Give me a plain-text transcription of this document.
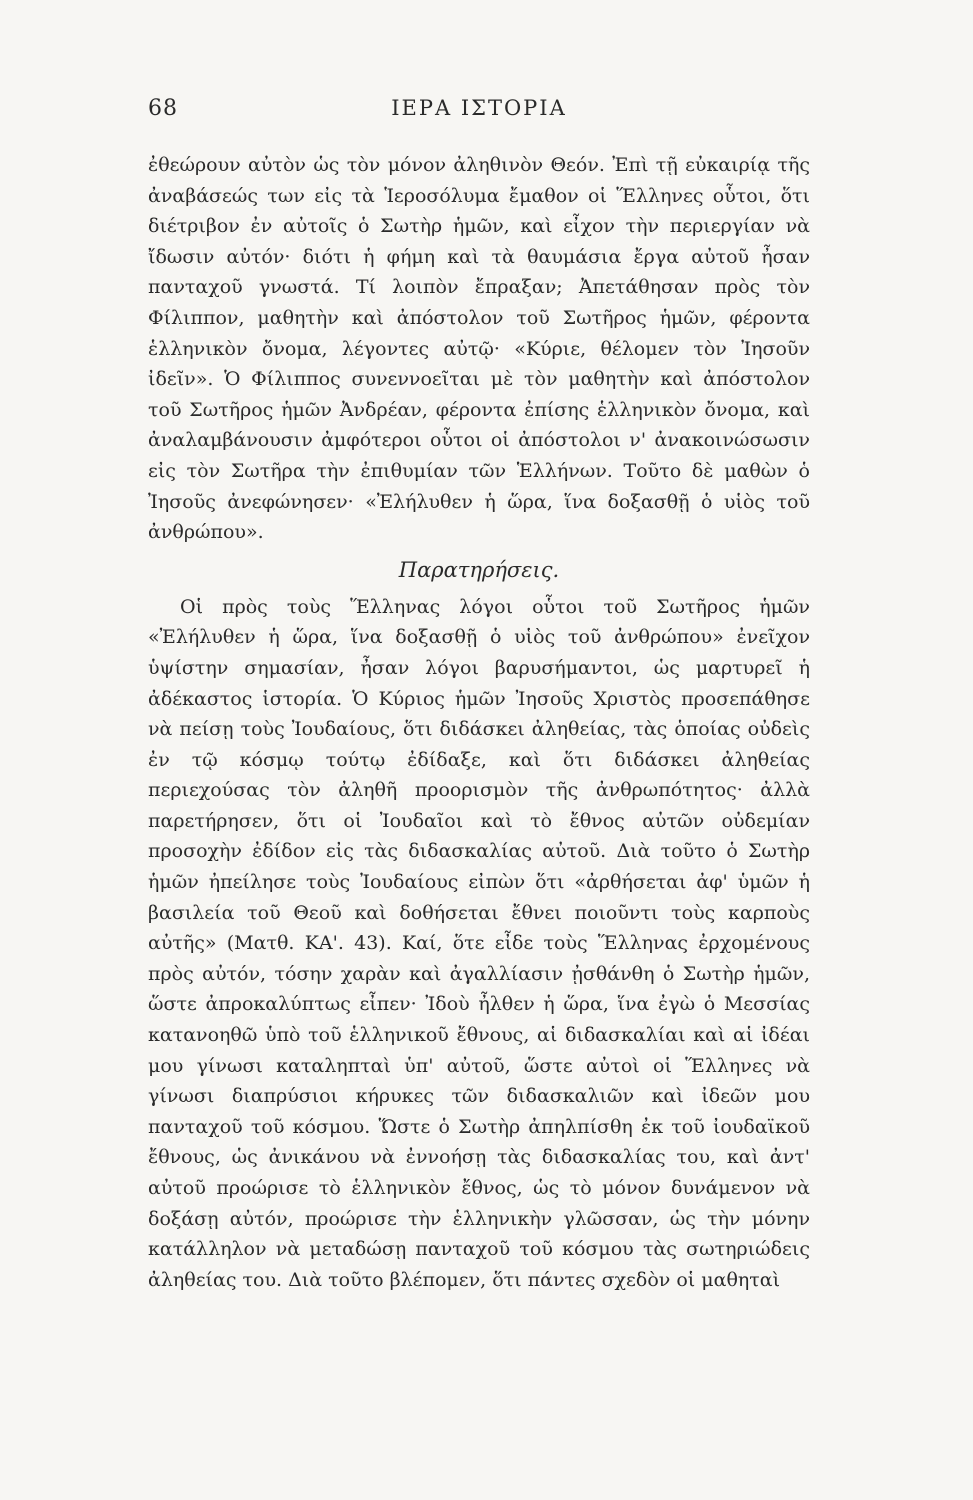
68	ΙΕΡΑ ΙΣΤΟΡΙΑ

ἐθεώρουν αὐτὸν ὡς τὸν μόνον ἀληθινὸν Θεόν. Ἐπὶ τῇ εὐκαιρίᾳ τῆς ἀναβάσεώς των εἰς τὰ Ἱεροσόλυμα ἔμαθον οἱ Ἕλληνες οὗτοι, ὅτι διέτριβον ἐν αὐτοῖς ὁ Σωτὴρ ἡμῶν, καὶ εἶχον τὴν περιεργίαν νὰ ἴδωσιν αὐτόν· διότι ἡ φήμη καὶ τὰ θαυμάσια ἔργα αὐτοῦ ἦσαν πανταχοῦ γνωστά. Τί λοιπὸν ἔπραξαν; Ἀπετάθησαν πρὸς τὸν Φίλιππον, μαθητὴν καὶ ἀπόστολον τοῦ Σωτῆρος ἡμῶν, φέροντα ἑλληνικὸν ὄνομα, λέγοντες αὐτῷ· «Κύριε, θέλομεν τὸν Ἰησοῦν ἰδεῖν». Ὁ Φίλιππος συνεννοεῖται μὲ τὸν μαθητὴν καὶ ἀπόστολον τοῦ Σωτῆρος ἡμῶν Ἀνδρέαν, φέροντα ἐπίσης ἑλληνικὸν ὄνομα, καὶ ἀναλαμβάνουσιν ἀμφότεροι οὗτοι οἱ ἀπόστολοι ν' ἀνακοινώσωσιν εἰς τὸν Σωτῆρα τὴν ἐπιθυμίαν τῶν Ἑλλήνων. Τοῦτο δὲ μαθὼν ὁ Ἰησοῦς ἀνεφώνησεν· «Ἐλήλυθεν ἡ ὥρα, ἵνα δοξασθῇ ὁ υἱὸς τοῦ ἀνθρώπου».

Παρατηρήσεις.

Οἱ πρὸς τοὺς Ἕλληνας λόγοι οὗτοι τοῦ Σωτῆρος ἡμῶν «Ἐλήλυθεν ἡ ὥρα, ἵνα δοξασθῇ ὁ υἱὸς τοῦ ἀνθρώπου» ἐνεῖχον ὑψίστην σημασίαν, ἦσαν λόγοι βαρυσήμαντοι, ὡς μαρτυρεῖ ἡ ἀδέκαστος ἱστορία. Ὁ Κύριος ἡμῶν Ἰησοῦς Χριστὸς προσεπάθησε νὰ πείσῃ τοὺς Ἰουδαίους, ὅτι διδάσκει ἀληθείας, τὰς ὁποίας οὐδεὶς ἐν τῷ κόσμῳ τούτῳ ἐδίδαξε, καὶ ὅτι διδάσκει ἀληθείας περιεχούσας τὸν ἀληθῆ προορισμὸν τῆς ἀνθρωπότητος· ἀλλὰ παρετήρησεν, ὅτι οἱ Ἰουδαῖοι καὶ τὸ ἔθνος αὐτῶν οὐδεμίαν προσοχὴν ἐδίδον εἰς τὰς διδασκαλίας αὐτοῦ. Διὰ τοῦτο ὁ Σωτὴρ ἡμῶν ἠπείλησε τοὺς Ἰουδαίους εἰπὼν ὅτι «ἀρθήσεται ἀφ' ὑμῶν ἡ βασιλεία τοῦ Θεοῦ καὶ δοθήσεται ἔθνει ποιοῦντι τοὺς καρποὺς αὐτῆς» (Ματθ. ΚΑ'. 43). Καί, ὅτε εἶδε τοὺς Ἕλληνας ἐρχομένους πρὸς αὐτόν, τόσην χαρὰν καὶ ἀγαλλίασιν ᾐσθάνθη ὁ Σωτὴρ ἡμῶν, ὥστε ἀπροκαλύπτως εἶπεν· Ἰδοὺ ἦλθεν ἡ ὥρα, ἵνα ἐγὼ ὁ Μεσσίας κατανοηθῶ ὑπὸ τοῦ ἑλληνικοῦ ἔθνους, αἱ διδασκαλίαι καὶ αἱ ἰδέαι μου γίνωσι καταληπταὶ ὑπ' αὐτοῦ, ὥστε αὐτοὶ οἱ Ἕλληνες νὰ γίνωσι διαπρύσιοι κήρυκες τῶν διδασκαλιῶν καὶ ἰδεῶν μου πανταχοῦ τοῦ κόσμου. Ὥστε ὁ Σωτὴρ ἀπηλπίσθη ἐκ τοῦ ἰουδαϊκοῦ ἔθνους, ὡς ἀνικάνου νὰ ἐννοήσῃ τὰς διδασκαλίας του, καὶ ἀντ' αὐτοῦ προώρισε τὸ ἑλληνικὸν ἔθνος, ὡς τὸ μόνον δυνάμενον νὰ δοξάσῃ αὐτόν, προώρισε τὴν ἑλληνικὴν γλῶσσαν, ὡς τὴν μόνην κατάλληλον νὰ μεταδώσῃ πανταχοῦ τοῦ κόσμου τὰς σωτηριώδεις ἀληθείας του. Διὰ τοῦτο βλέπομεν, ὅτι πάντες σχεδὸν οἱ μαθηταὶ
